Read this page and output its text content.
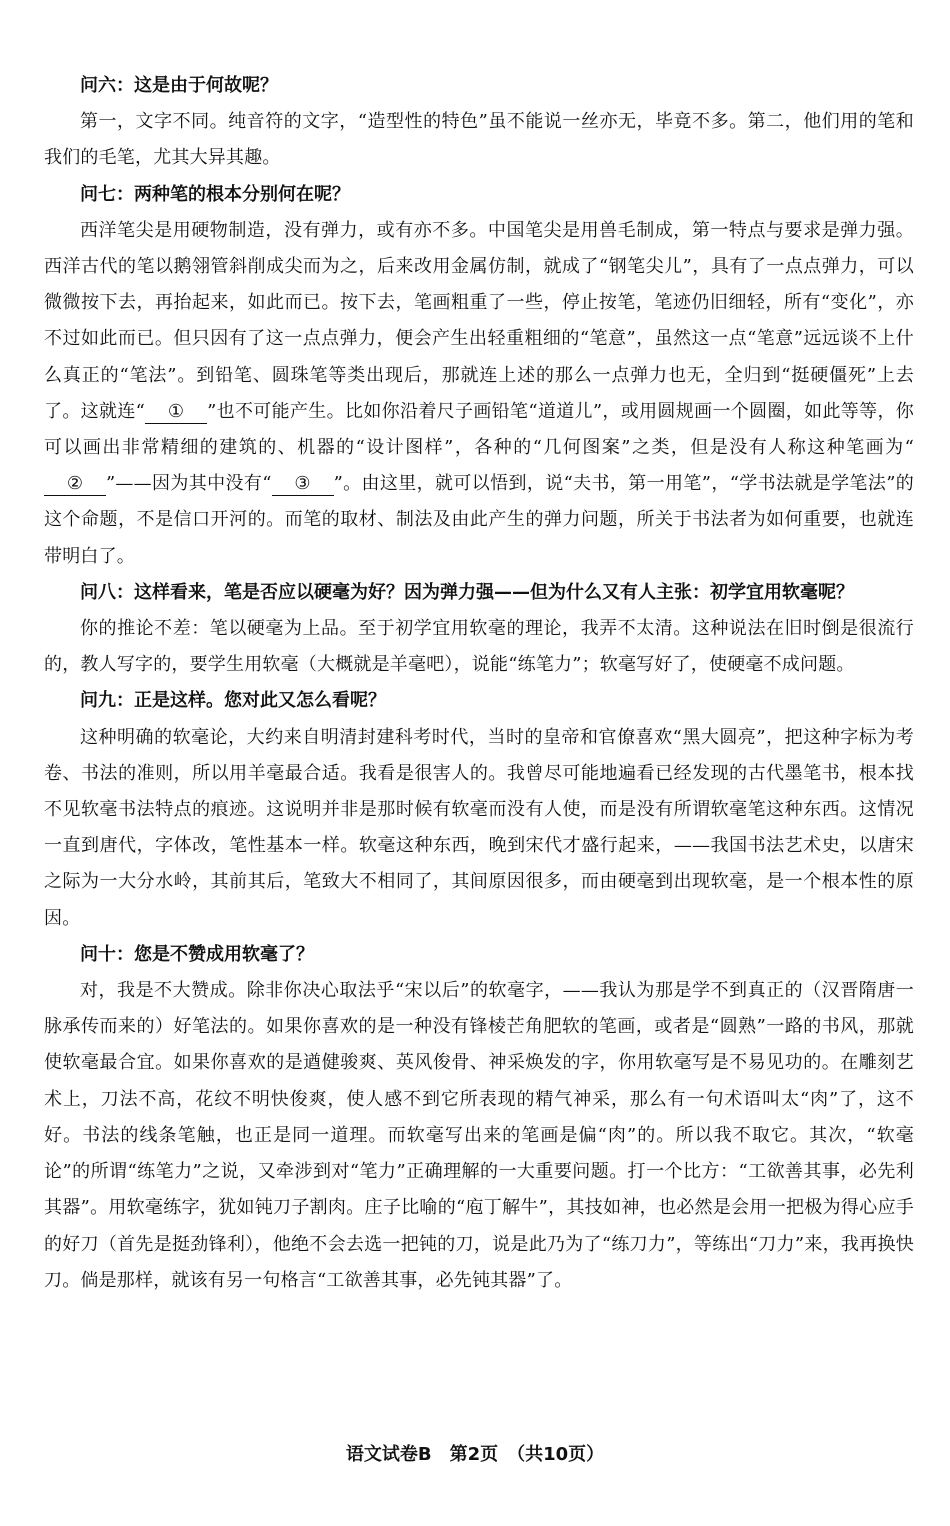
问六：这是由于何故呢？

第一，文字不同。纯音符的文字，“造型性的特色”虽不能说一丝亦无，毕竟不多。第二，他们用的笔和我们的毛笔，尤其大异其趣。

问七：两种笔的根本分别何在呢？

西洋笔尖是用硬物制造，没有弹力，或有亦不多。中国笔尖是用兽毛制成，第一特点与要求是弹力强。西洋古代的笔以鹅翎管斜削成尖而为之，后来改用金属仿制，就成了“钢笔尖儿”，具有了一点点弹力，可以微微按下去，再抬起来，如此而已。按下去，笔画粗重了一些，停止按笔，笔迹仍旧细轻，所有“变化”，亦不过如此而已。但只因有了这一点点弹力，便会产生出轻重粗细的“笔意”，虽然这一点“笔意”远远谈不上什么真正的“笔法”。到铅笔、圆珠笔等类出现后，那就连上述的那么一点弹力也无，全归到“挺硬僵死”上去了。这就连“ ① ”也不可能产生。比如你沿着尺子画铅笔“道道儿”，或用圆规画一个圆圈，如此等等，你可以画出非常精细的建筑的、机器的“设计图样”，各种的“几何图案”之类，但是没有人称这种笔画为“② ”——因为其中没有“ ③ ”。由这里，就可以悟到，说“夫书，第一用笔”，“学书法就是学笔法”的这个命题，不是信口开河的。而笔的取材、制法及由此产生的弹力问题，所关于书法者为如何重要，也就连带明白了。

问八：这样看来，笔是否应以硬毫为好？因为弹力强——但为什么又有人主张：初学宜用软毫呢？

你的推论不差：笔以硬毫为上品。至于初学宜用软毫的理论，我弄不太清。这种说法在旧时倒是很流行的，教人写字的，要学生用软毫（大概就是羊毫吧），说能“练笔力”；软毫写好了，使硬毫不成问题。

问九：正是这样。您对此又怎么看呢？

这种明确的软毫论，大约来自明清封建科考时代，当时的皇帝和官僚喜欢“黑大圆亮”，把这种字标为考卷、书法的准则，所以用羊毫最合适。我看是很害人的。我曾尽可能地遍看已经发现的古代墨笔书，根本找不见软毫书法特点的痕迹。这说明并非是那时候有软毫而没有人使，而是没有所谓软毫笔这种东西。这情况一直到唐代，字体改，笔性基本一样。软毫这种东西，晚到宋代才盛行起来，——我国书法艺术史，以唐宋之际为一大分水岭，其前其后，笔致大不相同了，其间原因很多，而由硬毫到出现软毫，是一个根本性的原因。

问十：您是不赞成用软毫了？

对，我是不大赞成。除非你决心取法乎“宋以后”的软毫字，——我认为那是学不到真正的（汉晋隋唐一脉承传而来的）好笔法的。如果你喜欢的是一种没有锋棱芒角肥软的笔画，或者是“圆熟”一路的书风，那就使软毫最合宜。如果你喜欢的是遒健骏爽、英风俊骨、神采焕发的字，你用软毫写是不易见功的。在雕刻艺术上，刀法不高，花纹不明快俊爽，使人感不到它所表现的精气神采，那么有一句术语叫太“肉”了，这不好。书法的线条笔触，也正是同一道理。而软毫写出来的笔画是偏“肉”的。所以我不取它。其次，“软毫论”的所谓“练笔力”之说，又牵涉到对“笔力”正确理解的一大重要问题。打一个比方：“工欲善其事，必先利其器”。用软毫练字，犹如钝刀子割肉。庄子比喻的“庖丁解牛”，其技如神，也必然是会用一把极为得心应手的好刀（首先是挺劲锋利），他绝不会去选一把钝的刀，说是此乃为了“练刀力”，等练出“刀力”来，我再换快刀。倘是那样，就该有另一句格言“工欲善其事，必先钝其器”了。

语文试卷B　第2页　（共10页）
